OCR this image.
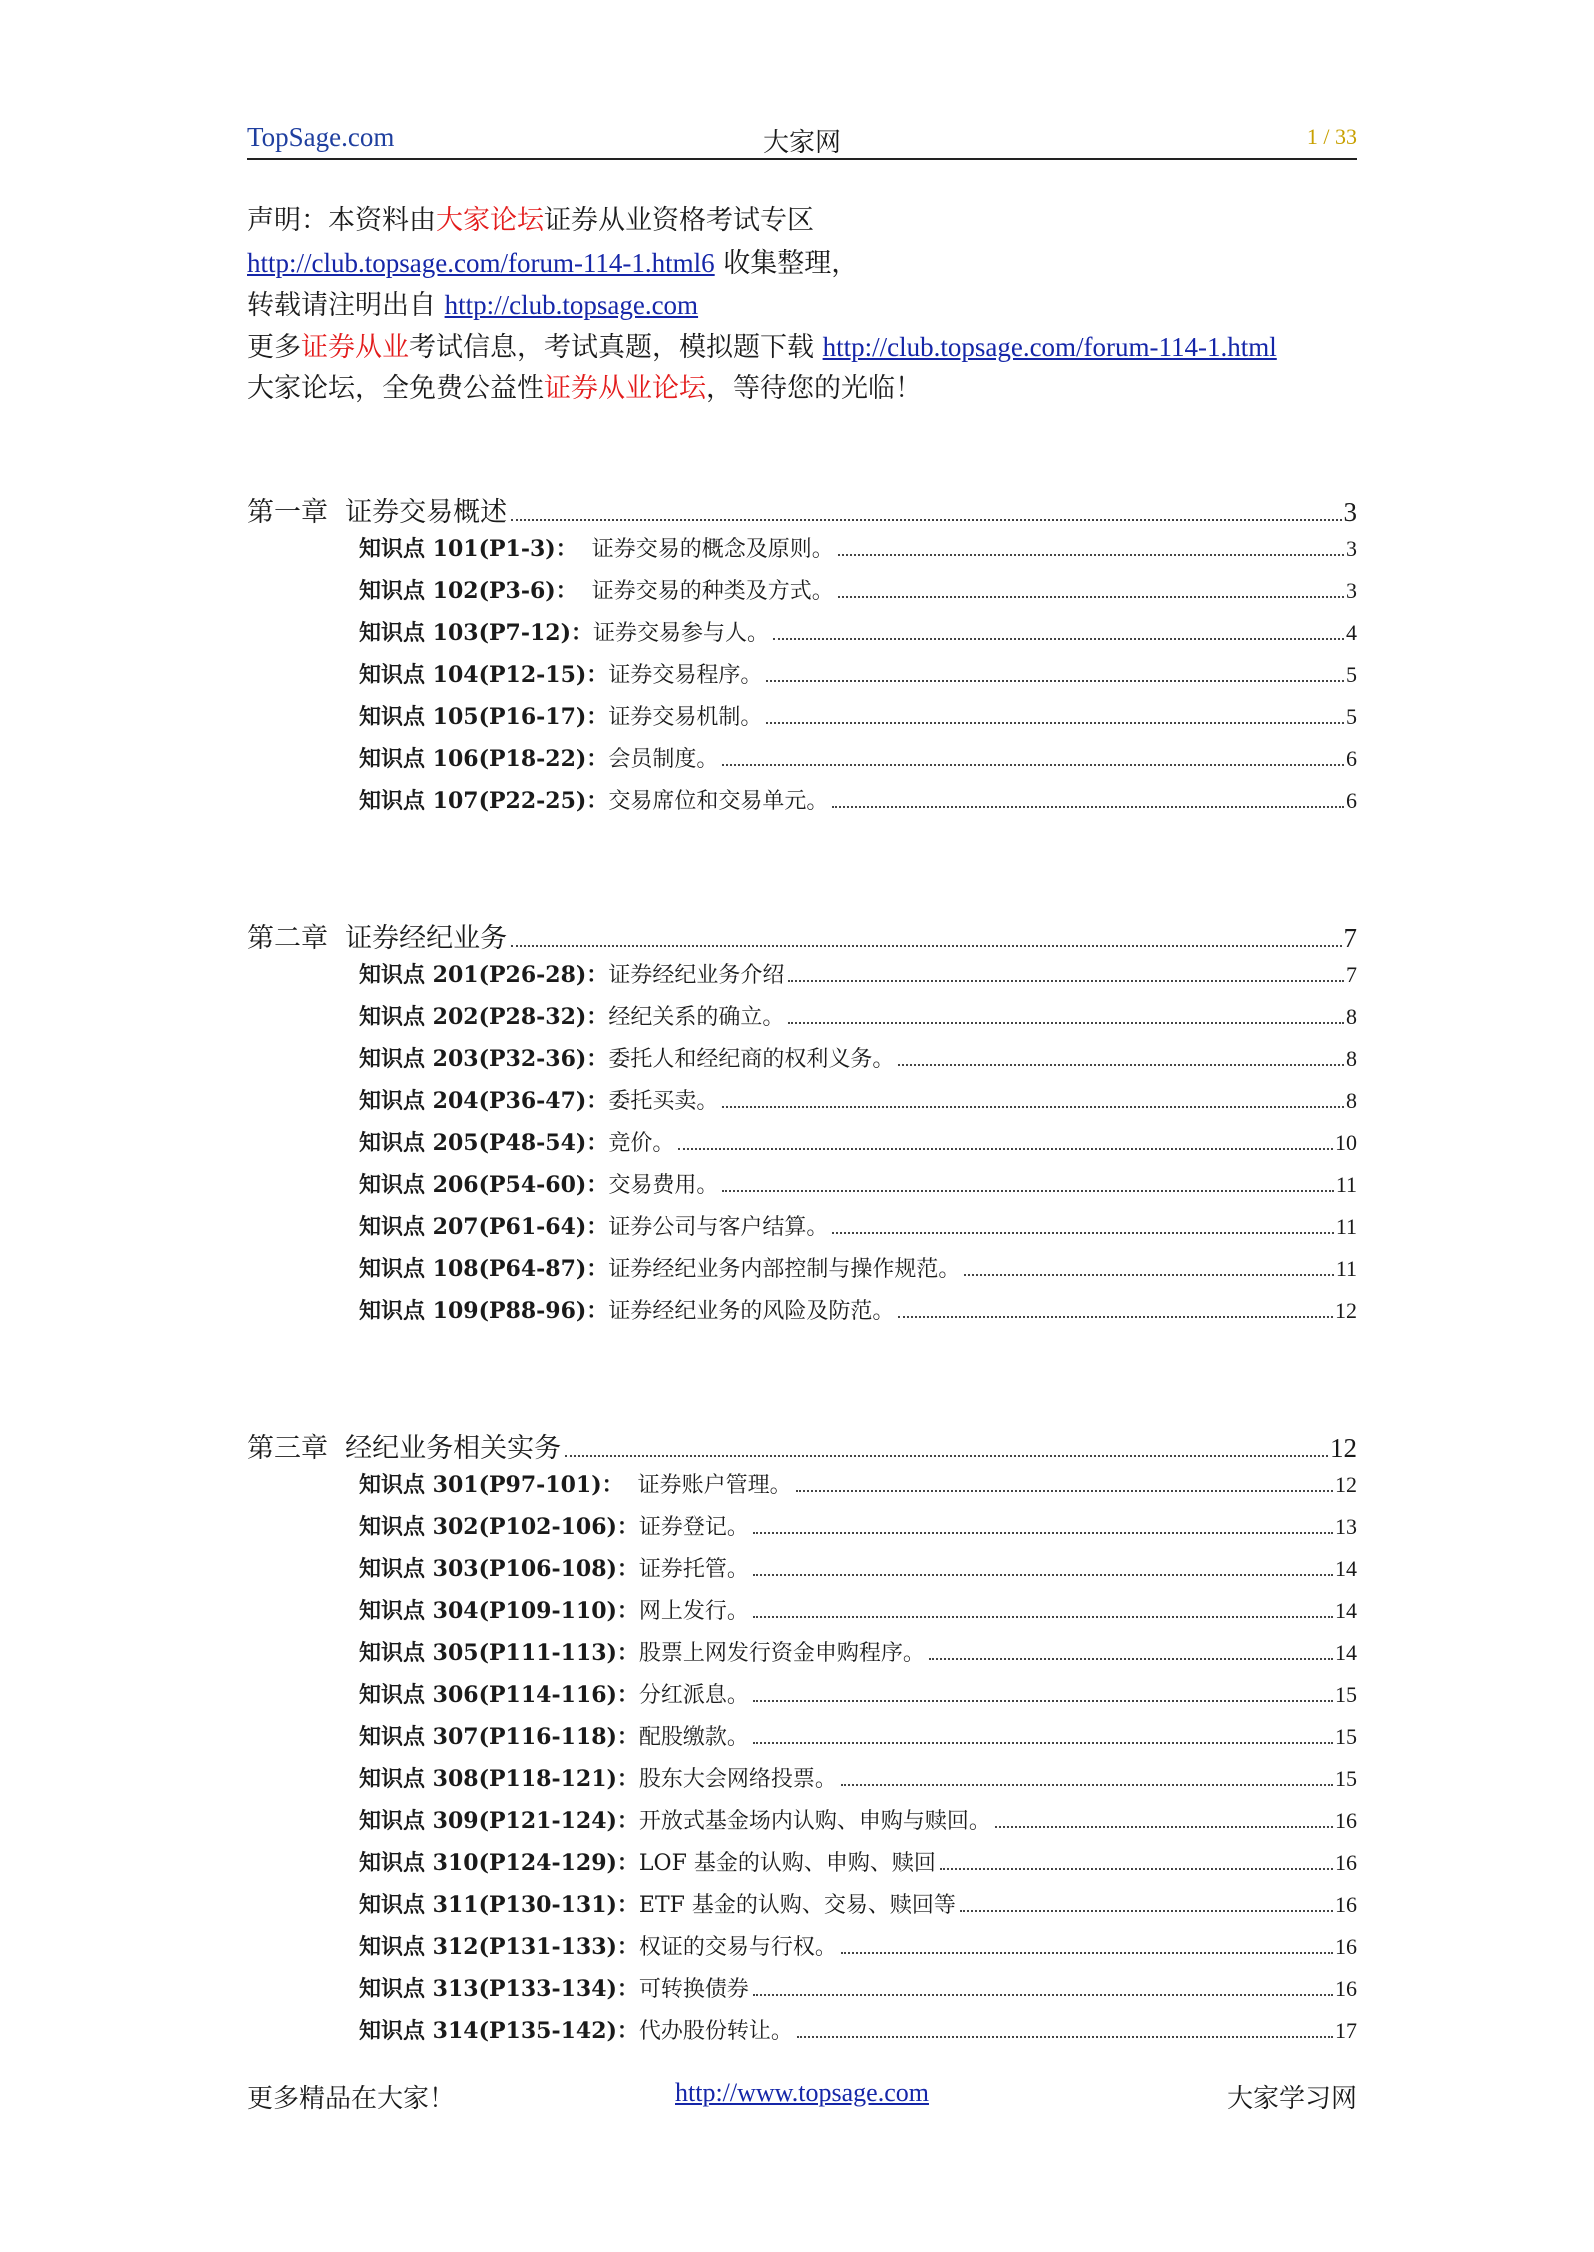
TopSage.com	大家网	1 / 33
声明：本资料由大家论坛证券从业资格考试专区
http://club.topsage.com/forum-114-1.html6 收集整理，
转载请注明出自 http://club.topsage.com
更多证券从业考试信息，考试真题，模拟题下载 http://club.topsage.com/forum-114-1.html
大家论坛，全免费公益性证券从业论坛，等待您的光临！
第一章  证券交易概述	3
知识点 101(P1-3)： 证券交易的概念及原则。	3
知识点 102(P3-6)： 证券交易的种类及方式。	3
知识点 103(P7-12)： 证券交易参与人。	4
知识点 104(P12-15)： 证券交易程序。	5
知识点 105(P16-17)： 证券交易机制。	5
知识点 106(P18-22)： 会员制度。	6
知识点 107(P22-25)： 交易席位和交易单元。	6
第二章  证券经纪业务	7
知识点 201(P26-28)： 证券经纪业务介绍	7
知识点 202(P28-32)： 经纪关系的确立。	8
知识点 203(P32-36)： 委托人和经纪商的权利义务。	8
知识点 204(P36-47)： 委托买卖。	8
知识点 205(P48-54)： 竞价。	10
知识点 206(P54-60)： 交易费用。	11
知识点 207(P61-64)： 证券公司与客户结算。	11
知识点 108(P64-87)： 证券经纪业务内部控制与操作规范。	11
知识点 109(P88-96)： 证券经纪业务的风险及防范。	12
第三章  经纪业务相关实务	12
知识点 301(P97-101)： 证券账户管理。	12
知识点 302(P102-106)： 证券登记。	13
知识点 303(P106-108)： 证券托管。	14
知识点 304(P109-110)： 网上发行。	14
知识点 305(P111-113)： 股票上网发行资金申购程序。	14
知识点 306(P114-116)： 分红派息。	15
知识点 307(P116-118)： 配股缴款。	15
知识点 308(P118-121)： 股东大会网络投票。	15
知识点 309(P121-124)： 开放式基金场内认购、申购与赎回。	16
知识点 310(P124-129)： LOF 基金的认购、申购、赎回	16
知识点 311(P130-131)： ETF 基金的认购、交易、赎回等	16
知识点 312(P131-133)： 权证的交易与行权。	16
知识点 313(P133-134)： 可转换债券	16
知识点 314(P135-142)： 代办股份转让。	17
更多精品在大家！	http://www.topsage.com	大家学习网
